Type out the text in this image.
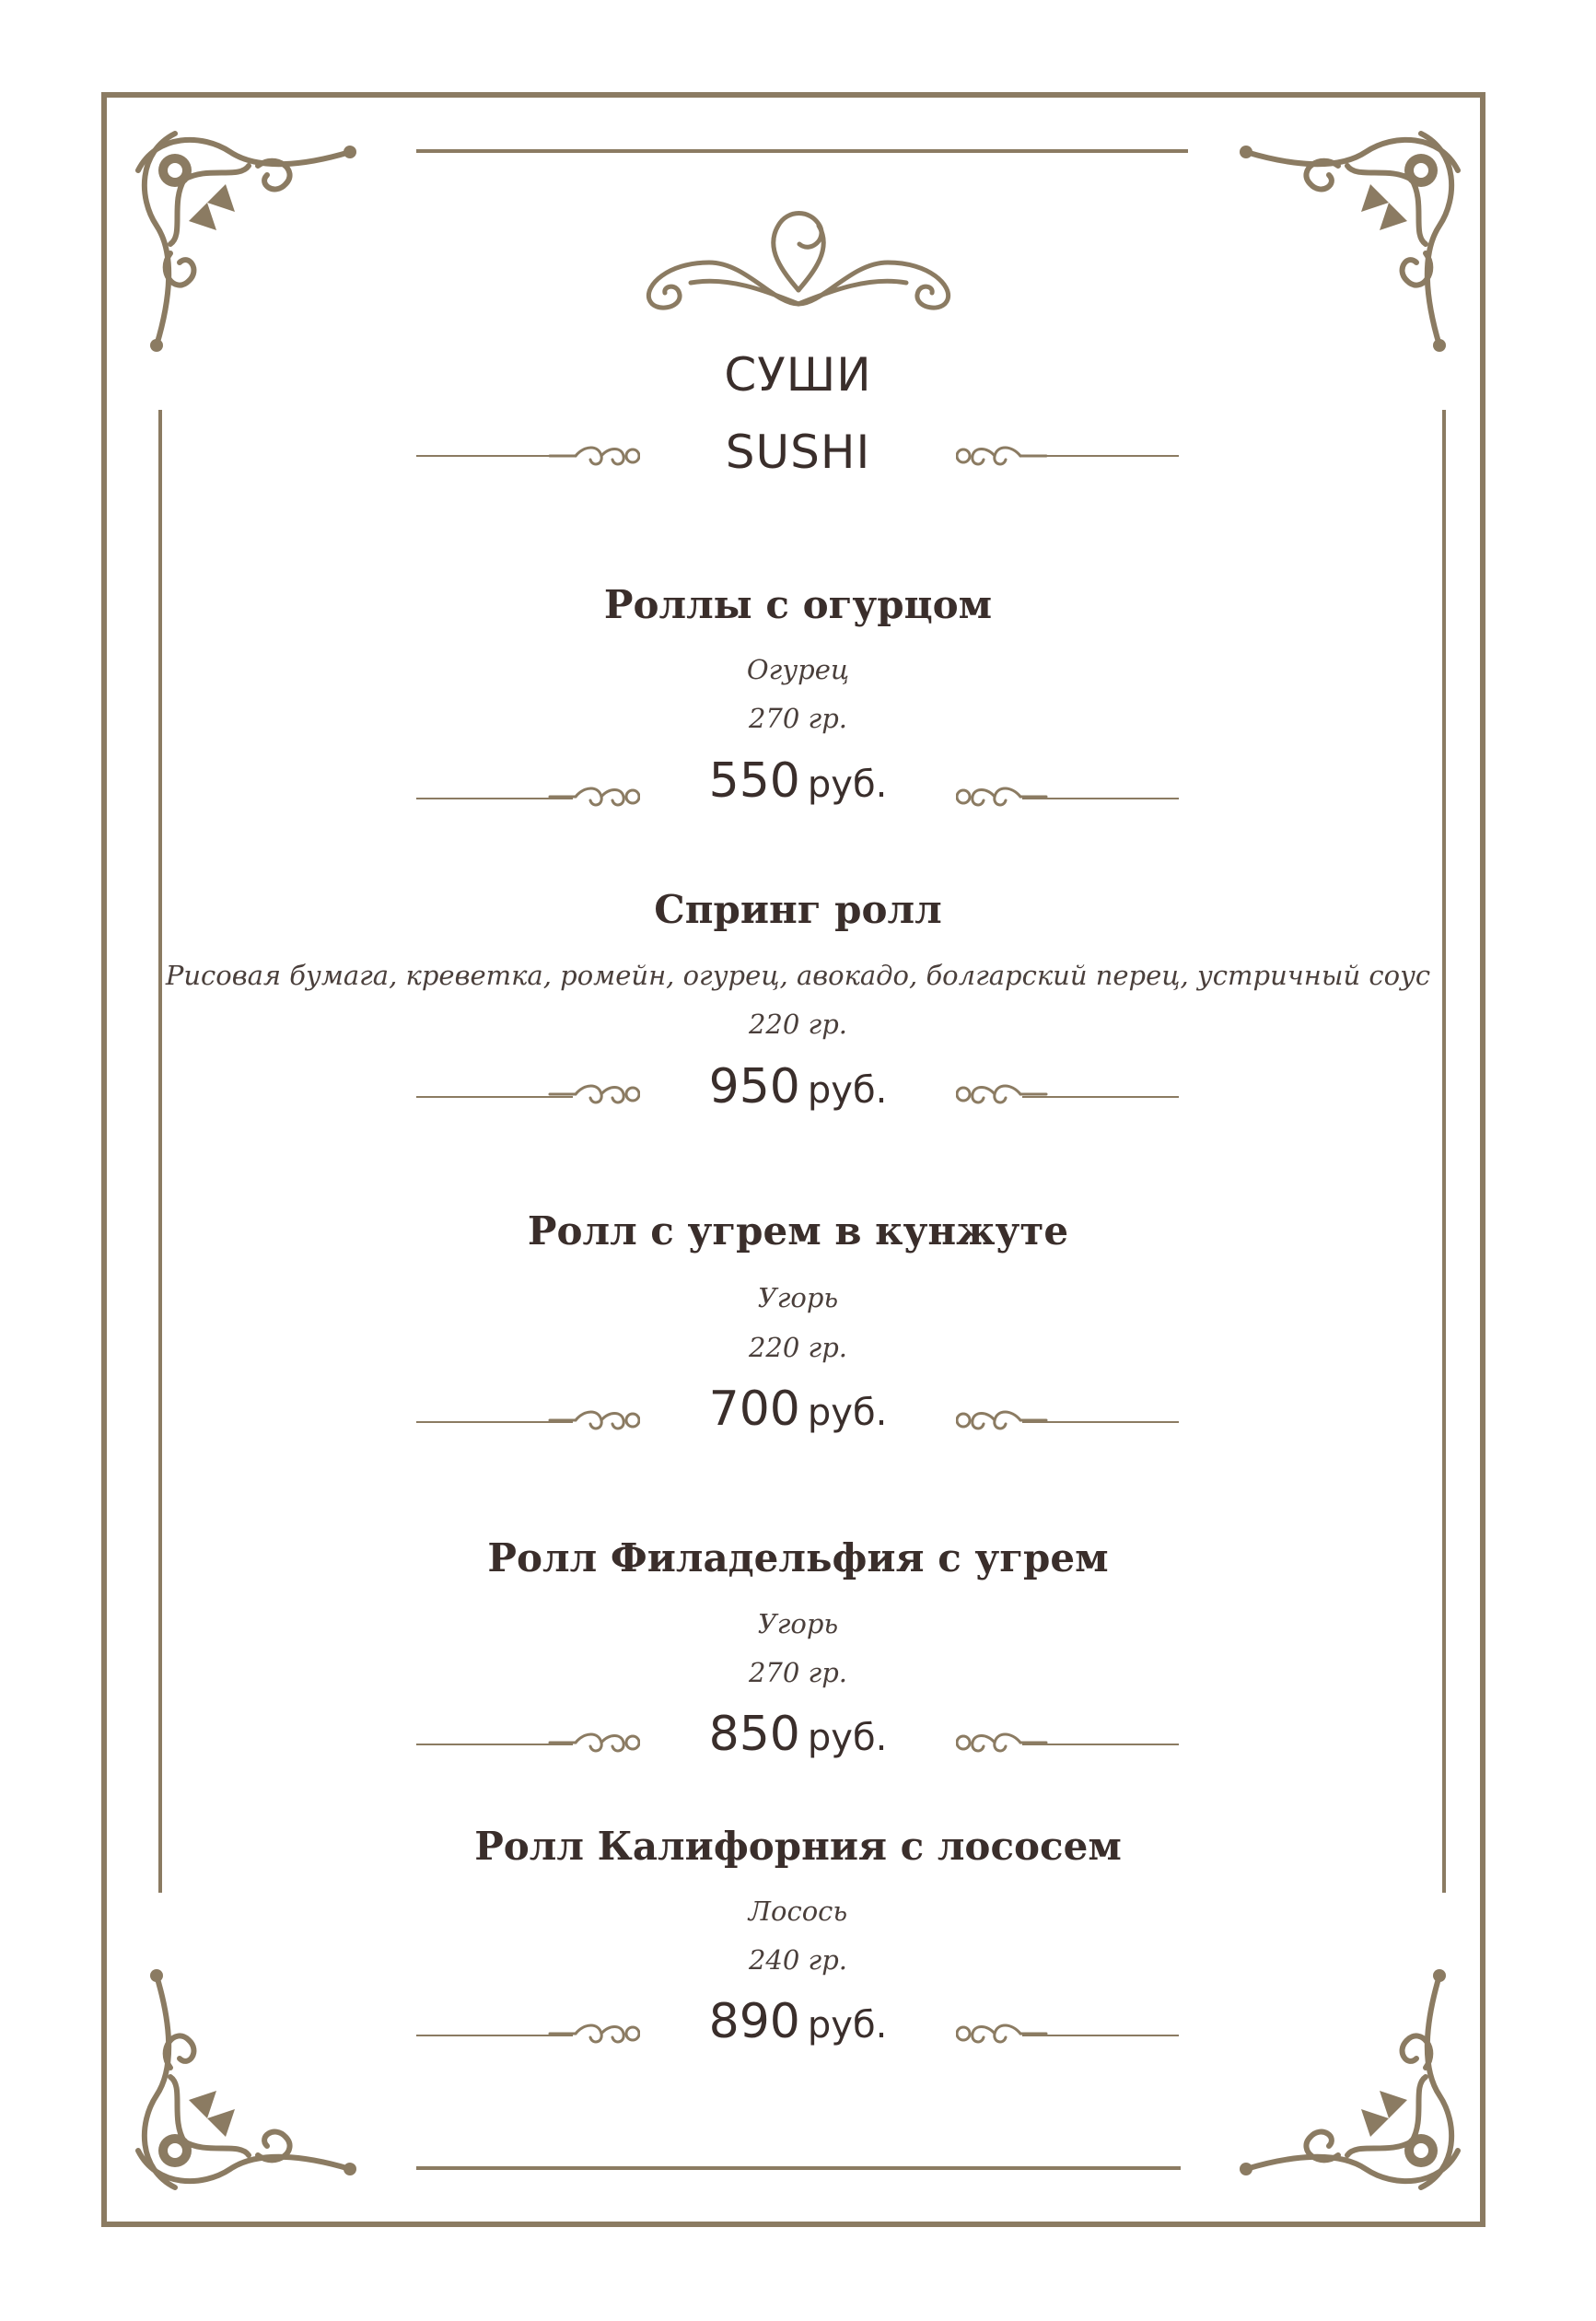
СУШИ
SUSHI
Роллы с огурцом
Огурец
270 гр.
550 руб.
Спринг ролл
Рисовая бумага, креветка, ромейн, огурец, авокадо, болгарский перец, устричный соус
220 гр.
950 руб.
Ролл с угрем в кунжуте
Угорь
220 гр.
700 руб.
Ролл Филадельфия с угрем
Угорь
270 гр.
850 руб.
Ролл Калифорния с лососем
Лосось
240 гр.
890 руб.
